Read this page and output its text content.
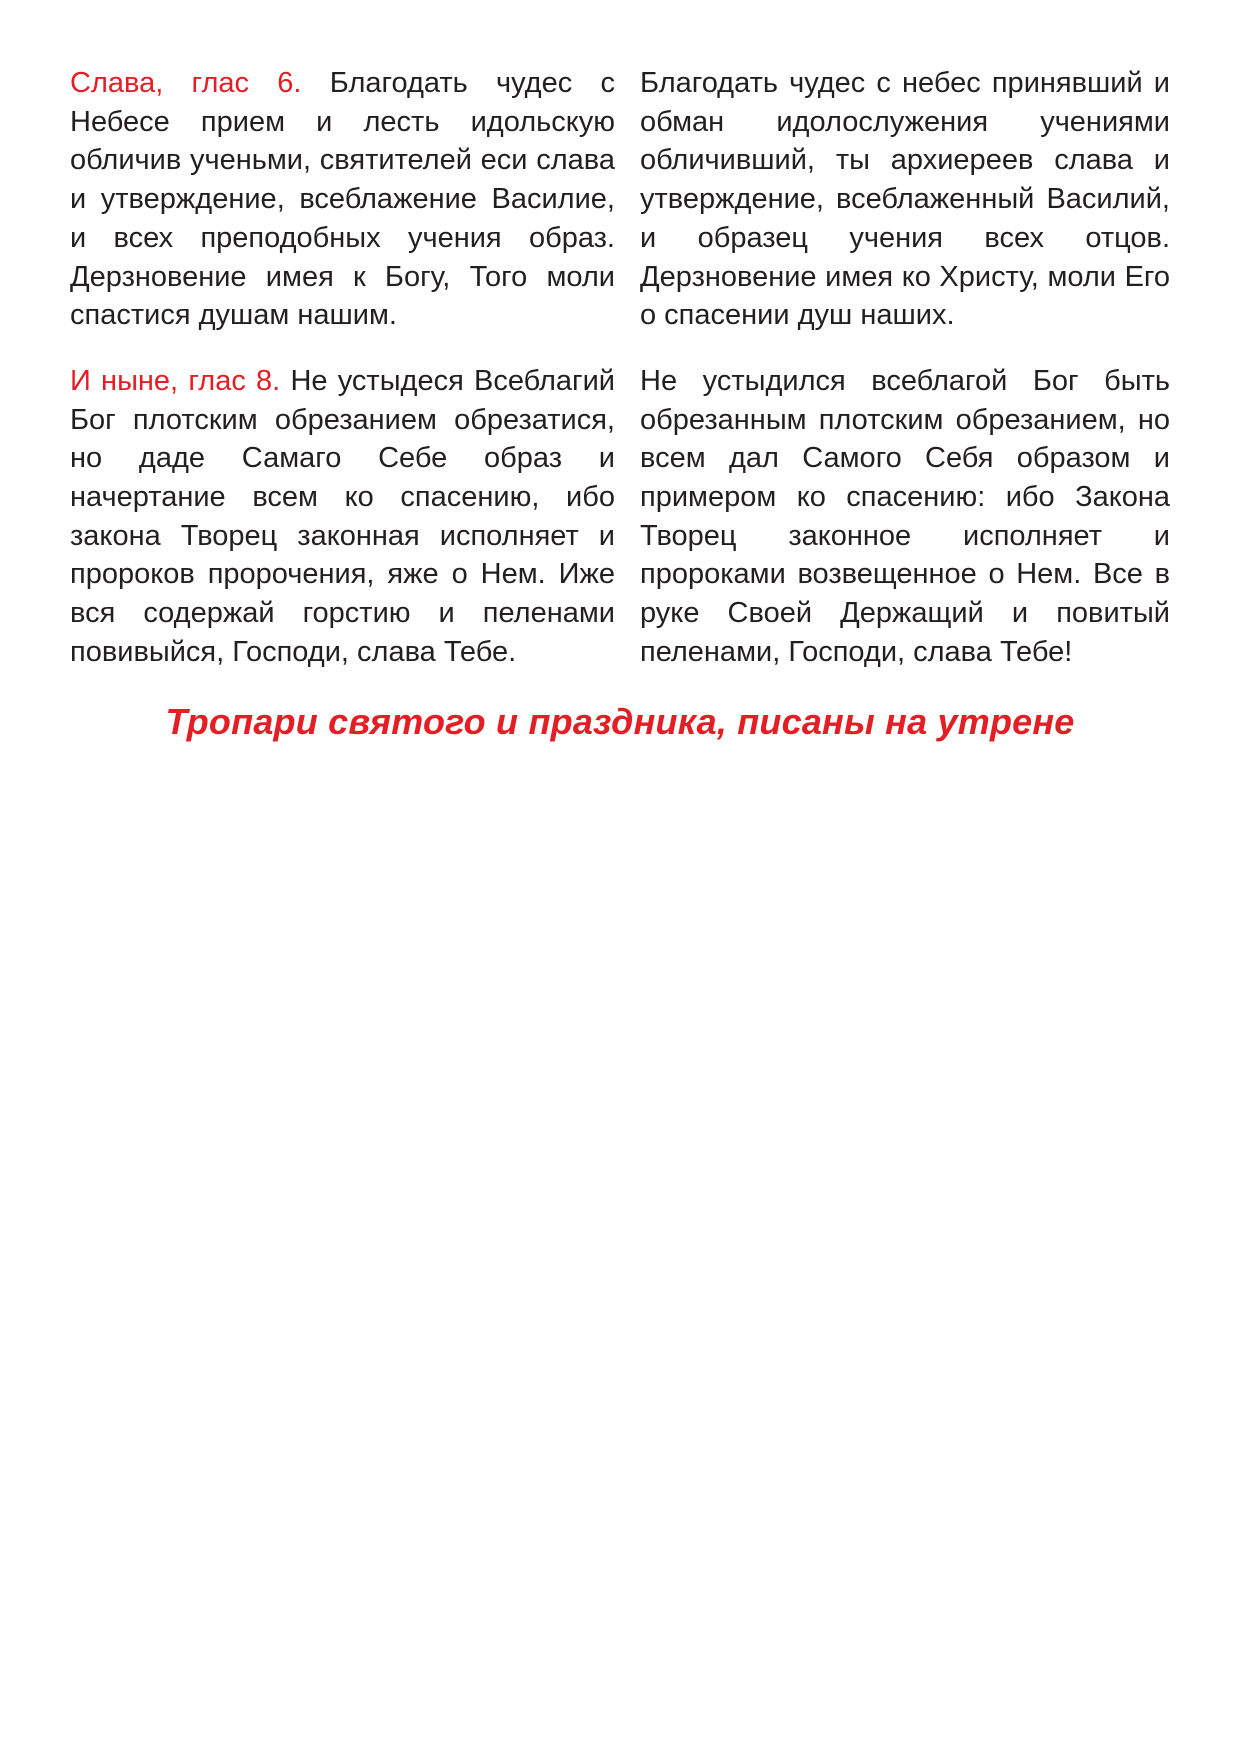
Слава, глас 6. Благодать чудес с Небесе прием и лесть идольскую обличив ученьми, святителей еси слава и утверждение, всеблажение Василие, и всех преподобных учения образ. Дерзновение имея к Богу, Того моли спастися душам нашим.
Благодать чудес с небес принявший и обман идолослужения учениями обличивший, ты архиереев слава и утверждение, всеблаженный Василий, и образец учения всех отцов. Дерзновение имея ко Христу, моли Его о спасении душ наших.
И ныне, глас 8. Не устыдеся Всеблагий Бог плотским обрезанием обрезатися, но даде Самаго Себе образ и начертание всем ко спасению, ибо закона Творец законная исполняет и пророков пророчения, яже о Нем. Иже вся содержай горстию и пеленами повивыйся, Господи, слава Тебе.
Не устыдился всеблагой Бог быть обрезанным плотским обрезанием, но всем дал Самого Себя образом и примером ко спасению: ибо Закона Творец законное исполняет и пророками возвещенное о Нем. Все в руке Своей Держащий и повитый пеленами, Господи, слава Тебе!
Тропари святого и праздника, писаны на утрене
